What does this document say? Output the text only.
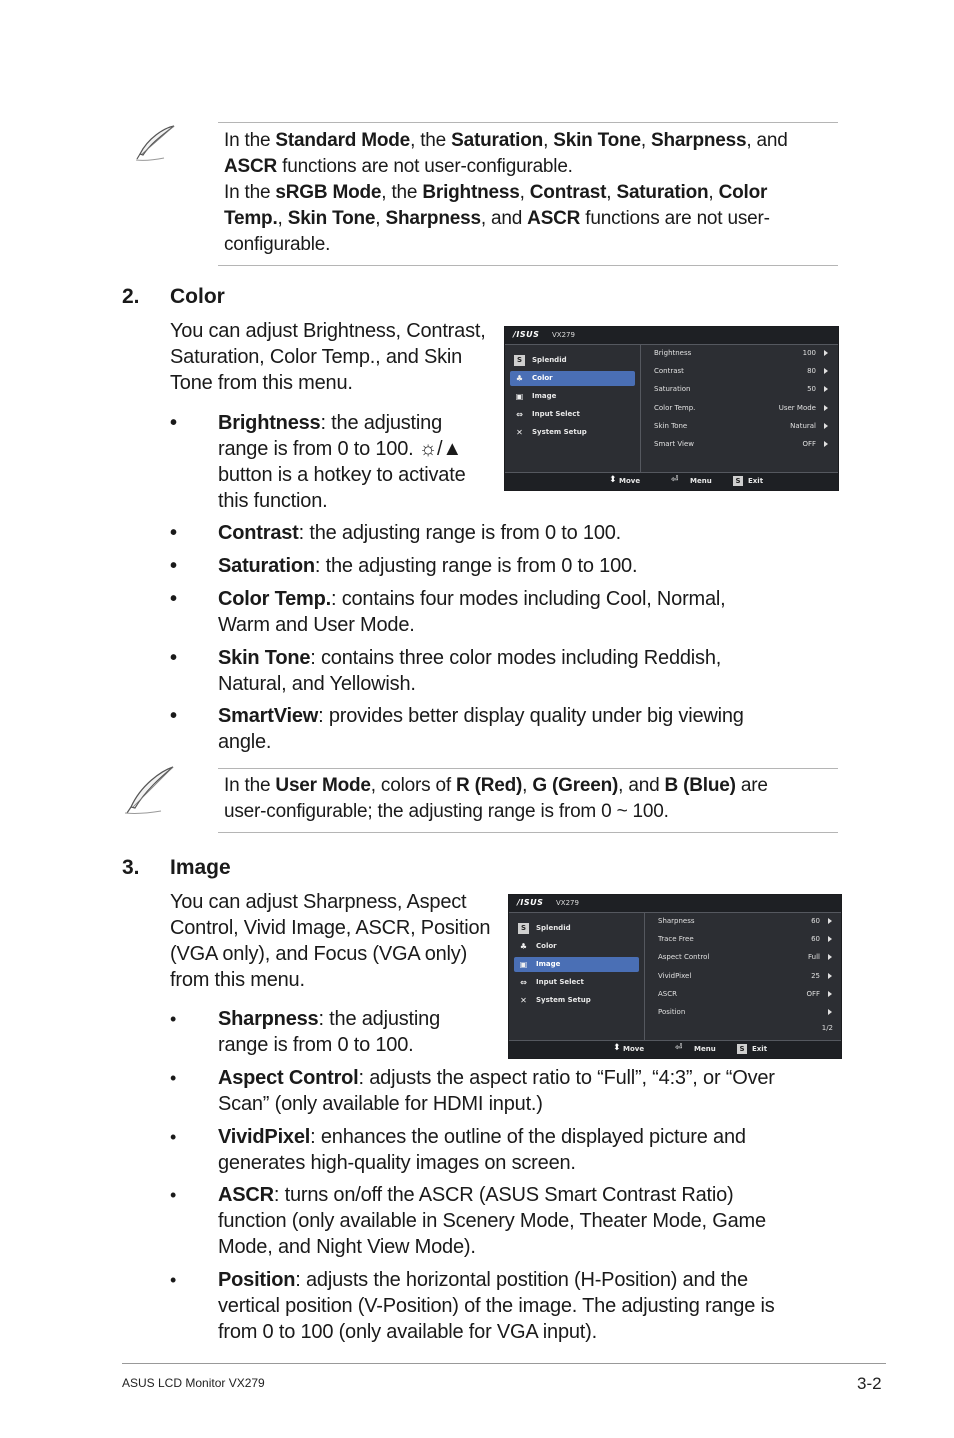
In the Standard Mode, the Saturation, Skin Tone, Sharpness, and
ASCR functions are not user-configurable.
In the sRGB Mode, the Brightness, Contrast, Saturation, Color
Temp., Skin Tone, Sharpness, and ASCR functions are not user-
configurable.
2. Color
You can adjust Brightness, Contrast,
Saturation, Color Temp., and Skin
Tone from this menu.
/ISUS VX279
S	Splendid
♣ Color
▣ Image
⇔	Input Select
✕	System Setup
Brightness	100
Contrast	80
Saturation	50
Color Temp.	User Mode
Skin Tone	Natural
Smart View	OFF
⬍ Move	⏎ Menu	S	Exit
In the User Mode, colors of R (Red), G (Green), and B (Blue) are
user-configurable; the adjusting range is from 0 ~ 100.
3. Image
You can adjust Sharpness, Aspect
Control, Vivid Image, ASCR, Position
(VGA only), and Focus (VGA only)
from this menu.
/ISUS VX279
S	Splendid
♣ Color
▣ Image
⇔	Input Select
✕	System Setup
Sharpness	60
Trace Free	60
Aspect Control	Full
VividPixel	25
ASCR	OFF
Position
1/2
⬍ Move	⏎ Menu	S	Exit
ASUS LCD Monitor VX279	3-2
•	Brightness: the adjusting
range is from 0 to 100. ☼/▲
button is a hotkey to activate
this function.
•	Contrast: the adjusting range is from 0 to 100.
•	Saturation: the adjusting range is from 0 to 100.
•	Color Temp.: contains four modes including Cool, Normal,
Warm and User Mode.
•	Skin Tone: contains three color modes including Reddish,
Natural, and Yellowish.
•	SmartView: provides better display quality under big viewing
angle.
•	Sharpness: the adjusting
range is from 0 to 100.
•	Aspect Control: adjusts the aspect ratio to “Full”, “4:3”, or “Over
Scan” (only available for HDMI input.)
•	VividPixel: enhances the outline of the displayed picture and
generates high-quality images on screen.
•	ASCR: turns on/off the ASCR (ASUS Smart Contrast Ratio)
function (only available in Scenery Mode, Theater Mode, Game
Mode, and Night View Mode).
•	Position: adjusts the horizontal postition (H-Position) and the
vertical position (V-Position) of the image. The adjusting range is
from 0 to 100 (only available for VGA input).
